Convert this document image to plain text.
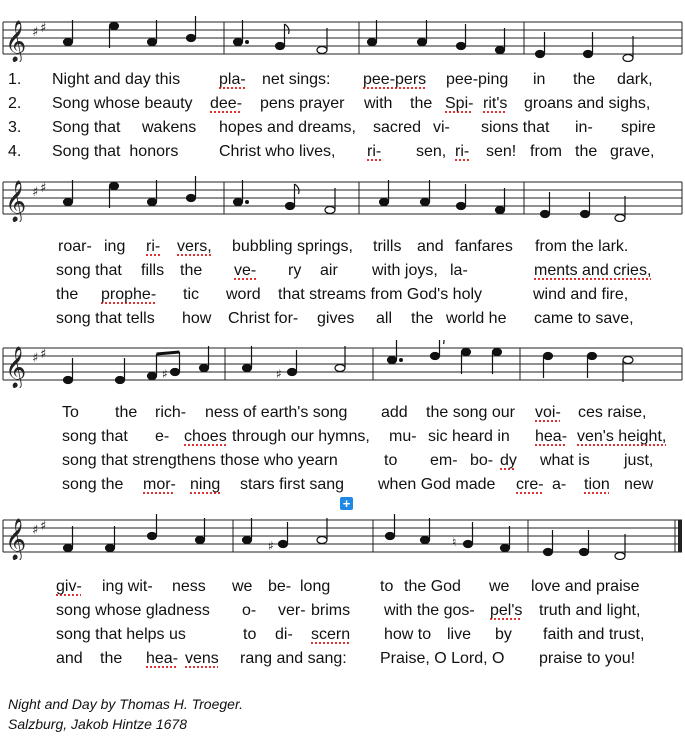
𝄞 ♯ ♯
1. Night and day this pla- net sings: pee-pers pee-ping in the dark,
2. Song whose beauty dee- pens prayer with the Spi- rit's groans and sighs,
3. Song that wakens hopes and dreams, sacred vi- sions that in- spire
4. Song that  honors	Christ who lives, ri- sen, ri- sen! from the grave,
𝄞 ♯ ♯
roar- ing ri- vers, bubbling springs, trills and fanfares from the lark.
song that fills the ve- ry air with joys, la-	ments and cries,
the prophe- tic word that streams from God's holy	wind and fire,
song that tells how Christ for- gives all the world he came to save,
𝄞 ♯ ♯
♯	♯
To the rich- ness of earth's song add the song our voi- ces raise,
song that e- choes through our hymns, mu- sic heard in hea- ven's height,
song that strengthens those who yearn	to em- bo- dy what is just,
song the mor- ning stars first sang when God made cre- a- tion new
+
𝄞 ♯ ♯
♯	♮
giv- ing wit- ness we be- long	to the God we love and praise
song whose gladness o- ver- brims with the gos- pel's truth and light,
song that helps us	to di- scern how to live by faith and trust,
and the hea- vens rang and sang: Praise, O Lord, O praise to you!
Night and Day by Thomas H. Troeger.
Salzburg, Jakob Hintze 1678
